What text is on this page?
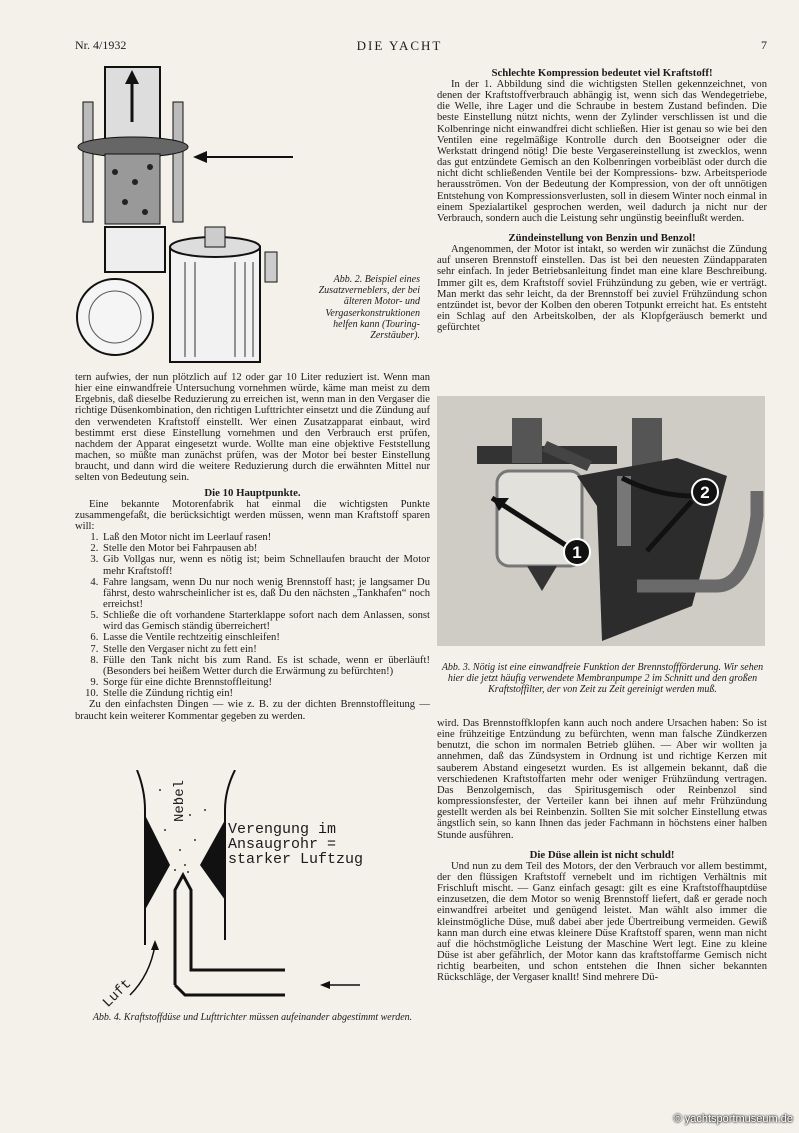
Nr. 4/1932	DIE YACHT	7
Abb. 2. Beispiel eines Zusatzverneblers, der bei älteren Motor- und Vergaserkonstruktionen helfen kann (Touring-Zerstäuber).

tern aufwies, der nun plötzlich auf 12 oder gar 10 Liter reduziert ist. Wenn man hier eine einwandfreie Untersuchung vornehmen würde, käme man meist zu dem Ergebnis, daß dieselbe Reduzierung zu erreichen ist, wenn man in den Vergaser die richtige Düsenkombination, den richtigen Lufttrichter einsetzt und die Zündung auf den verwendeten Kraftstoff einstellt. Wer einen Zusatzapparat einbaut, wird bestimmt erst diese Einstellung vornehmen und den Verbrauch erst prüfen, nachdem der Apparat eingesetzt wurde. Wollte man eine objektive Feststellung machen, so müßte man zunächst prüfen, was der Motor bei bester Einstellung braucht, und dann wird die weitere Reduzierung durch die erwähnten Mittel nur selten von Bedeutung sein.

Die 10 Hauptpunkte.

Eine bekannte Motorenfabrik hat einmal die wichtigsten Punkte zusammengefaßt, die berücksichtigt werden müssen, wenn man Kraftstoff sparen will:

1. Laß den Motor nicht im Leerlauf rasen!
2. Stelle den Motor bei Fahrpausen ab!
3. Gib Vollgas nur, wenn es nötig ist; beim Schnellaufen braucht der Motor mehr Kraftstoff!
4. Fahre langsam, wenn Du nur noch wenig Brennstoff hast; je langsamer Du fährst, desto wahrscheinlicher ist es, daß Du den nächsten „Tankhafen“ noch erreichst!
5. Schließe die oft vorhandene Starterklappe sofort nach dem Anlassen, sonst wird das Gemisch ständig überreichert!
6. Lasse die Ventile rechtzeitig einschleifen!
7. Stelle den Vergaser nicht zu fett ein!
8. Fülle den Tank nicht bis zum Rand. Es ist schade, wenn er überläuft! (Besonders bei heißem Wetter durch die Erwärmung zu befürchten!)
9. Sorge für eine dichte Brennstoffleitung!
10. Stelle die Zündung richtig ein!

Zu den einfachsten Dingen — wie z. B. zu der dichten Brennstoffleitung — braucht kein weiterer Kommentar gegeben zu werden.

Nebel
Verengung im
Ansaugrohr =
starker Luftzug
Luft
Abb. 4. Kraftstoffdüse und Lufttrichter müssen aufeinander abgestimmt werden.

Schlechte Kompression bedeutet viel Kraftstoff!

In der 1. Abbildung sind die wichtigsten Stellen gekennzeichnet, von denen der Kraftstoffverbrauch abhängig ist, wenn sich das Wendegetriebe, die Welle, ihre Lager und die Schraube in bestem Zustand befinden. Die beste Einstellung nützt nichts, wenn der Zylinder verschlissen ist und die Kolbenringe nicht einwandfrei dicht schließen. Hier ist genau so wie bei den Ventilen eine regelmäßige Kontrolle durch den Bootseigner oder die Werkstatt dringend nötig! Die beste Vergasereinstellung ist zwecklos, wenn das gut entzündete Gemisch an den Kolbenringen vorbeibläst oder durch die nicht dicht schließenden Ventile bei der Kompressions- bzw. Arbeitsperiode herausströmen. Von der Bedeutung der Kompression, von der oft unnötigen Entstehung von Kompressionsverlusten, soll in diesem Winter noch einmal in einem Spezialartikel gesprochen werden, weil dadurch ja nicht nur der Verbrauch, sondern auch die Leistung sehr ungünstig beeinflußt werden.

Zündeinstellung von Benzin und Benzol!

Angenommen, der Motor ist intakt, so werden wir zunächst die Zündung auf unseren Brennstoff einstellen. Das ist bei den neuesten Zündapparaten sehr einfach. In jeder Betriebsanleitung findet man eine klare Beschreibung. Immer gilt es, dem Kraftstoff soviel Frühzündung zu geben, wie er verträgt. Man merkt das sehr leicht, da der Brennstoff bei zuviel Frühzündung schon entzündet ist, bevor der Kolben den oberen Totpunkt erreicht hat. Es entsteht ein Schlag auf den Arbeitskolben, der als Klopfgeräusch bemerkt und gefürchtet

1
2
Abb. 3. Nötig ist eine einwandfreie Funktion der Brennstoffförderung. Wir sehen hier die jetzt häufig verwendete Membranpumpe 2 im Schnitt und den großen Kraftstoffilter, der von Zeit zu Zeit gereinigt werden muß.

wird. Das Brennstoffklopfen kann auch noch andere Ursachen haben: So ist eine frühzeitige Entzündung zu befürchten, wenn man falsche Zündkerzen benutzt, die schon im normalen Betrieb glühen. — Aber wir wollten ja annehmen, daß das Zündsystem in Ordnung ist und richtige Kerzen mit sauberem Abstand eingesetzt wurden. Es ist allgemein bekannt, daß die verschiedenen Kraftstoffarten mehr oder weniger Frühzündung vertragen. Das Benzolgemisch, das Spiritusgemisch oder Reinbenzol sind kompressionsfester, der Verteiler kann bei ihnen auf mehr Frühzündung gestellt werden als bei Reinbenzin. Sollten Sie mit solcher Einstellung etwas ängstlich sein, so kann Ihnen das jeder Fachmann in höchstens einer halben Stunde ausführen.

Die Düse allein ist nicht schuld!

Und nun zu dem Teil des Motors, der den Verbrauch vor allem bestimmt, der den flüssigen Kraftstoff vernebelt und im richtigen Verhältnis mit Frischluft mischt. — Ganz einfach gesagt: gilt es eine Kraftstoffhauptdüse einzusetzen, die dem Motor so wenig Brennstoff liefert, daß er gerade noch einwandfrei arbeitet und genügend leistet. Man wählt also immer die kleinstmögliche Düse, muß dabei aber jede Übertreibung vermeiden. Gewiß kann man durch eine etwas kleinere Düse Kraftstoff sparen, wenn man nicht auf die höchstmögliche Leistung der Maschine Wert legt. Eine zu kleine Düse ist aber gefährlich, der Motor kann das kraftstoffarme Gemisch nicht richtig bearbeiten, und schon entstehen die Ihnen sicher bekannten Rückschläge, der Vergaser knallt! Sind mehrere Dü-

© yachtsportmuseum.de
